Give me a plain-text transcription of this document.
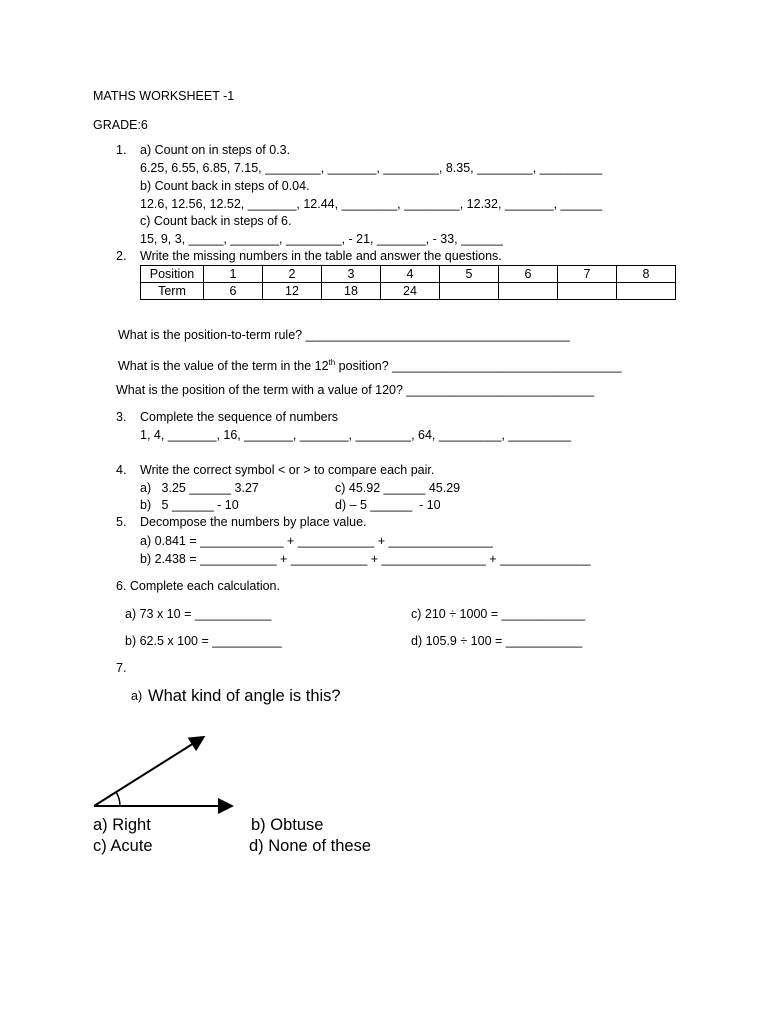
MATHS WORKSHEET -1
GRADE:6
1. a) Count on in steps of 0.3.
6.25, 6.55, 6.85, 7.15, ________, _______, ________, 8.35, ________, _________
b) Count back in steps of 0.04.
12.6, 12.56, 12.52, _______, 12.44, ________, ________, 12.32, _______, ______
c) Count back in steps of 6.
15, 9, 3, _____, _______, ________, - 21, _______, - 33, ______
2. Write the missing numbers in the table and answer the questions.
Position	1	2	3	4	5	6	7	8
Term	6	12	18	24				
What is the position-to-term rule? ______________________________________
What is the value of the term in the 12th position? _________________________________
What is the position of the term with a value of 120? ___________________________
3. Complete the sequence of numbers
1, 4, _______, 16, _______, _______, ________, 64, _________, _________
4. Write the correct symbol < or > to compare each pair.
a)   3.25 ______ 3.27	c) 45.92 ______ 45.29
b)   5 ______ - 10	d) – 5 ______  - 10
5. Decompose the numbers by place value.
a) 0.841 = ____________ + ___________ + _______________
b) 2.438 = ___________ + ___________ + _______________ + _____________
6. Complete each calculation.
a) 73 x 10 = ___________	c) 210 ÷ 1000 = ____________
b) 62.5 x 100 = __________	d) 105.9 ÷ 100 = ___________
7.
a) What kind of angle is this?
a) Right	b) Obtuse
c) Acute	d) None of these
